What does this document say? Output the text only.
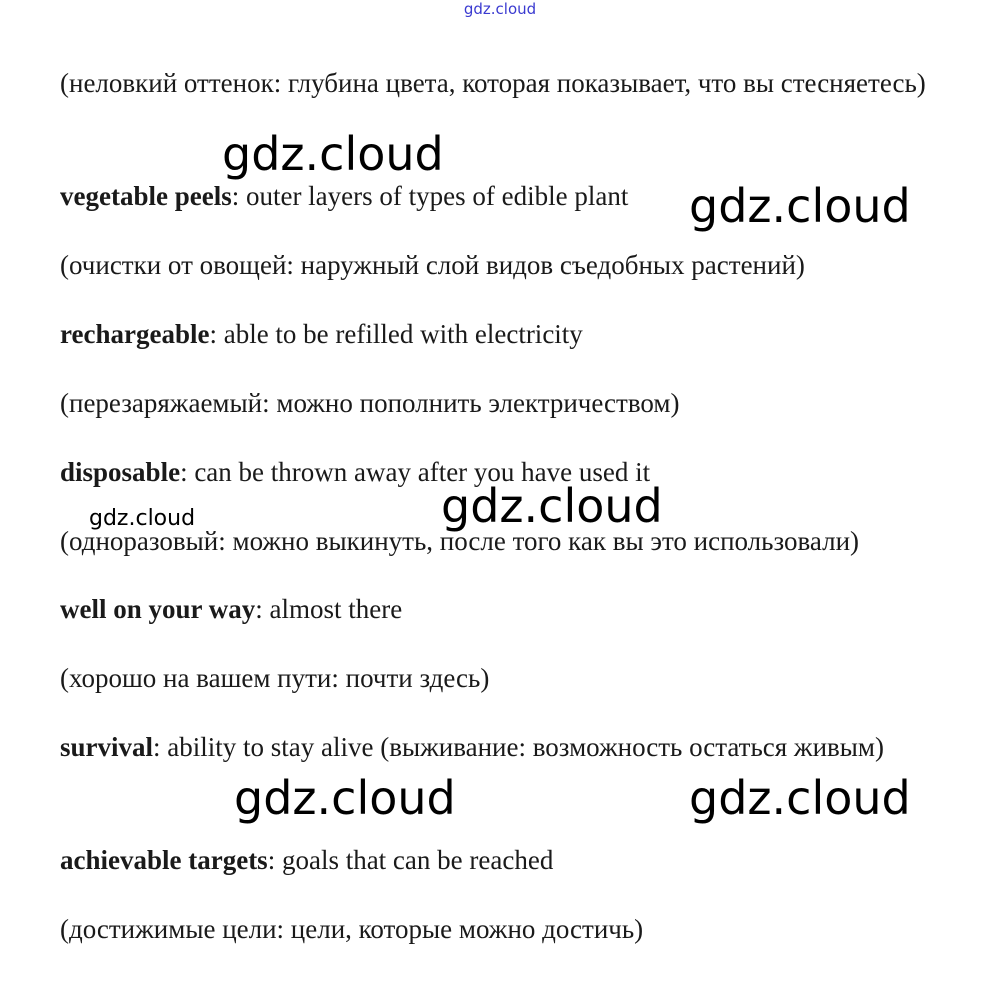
gdz.cloud
(неловкий оттенок: глубина цвета, которая показывает, что вы стесняетесь)
vegetable peels: outer layers of types of edible plant
(очистки от овощей: наружный слой видов съедобных растений)
rechargeable: able to be refilled with electricity
(перезаряжаемый: можно пополнить электричеством)
disposable: can be thrown away after you have used it
(одноразовый: можно выкинуть, после того как вы это использовали)
well on your way: almost there
(хорошо на вашем пути: почти здесь)
survival: ability to stay alive (выживание: возможность остаться живым)
achievable targets: goals that can be reached
(достижимые цели: цели, которые можно достичь)
gdz.cloud
gdz.cloud
gdz.cloud
gdz.cloud
gdz.cloud	gdz.cloud
